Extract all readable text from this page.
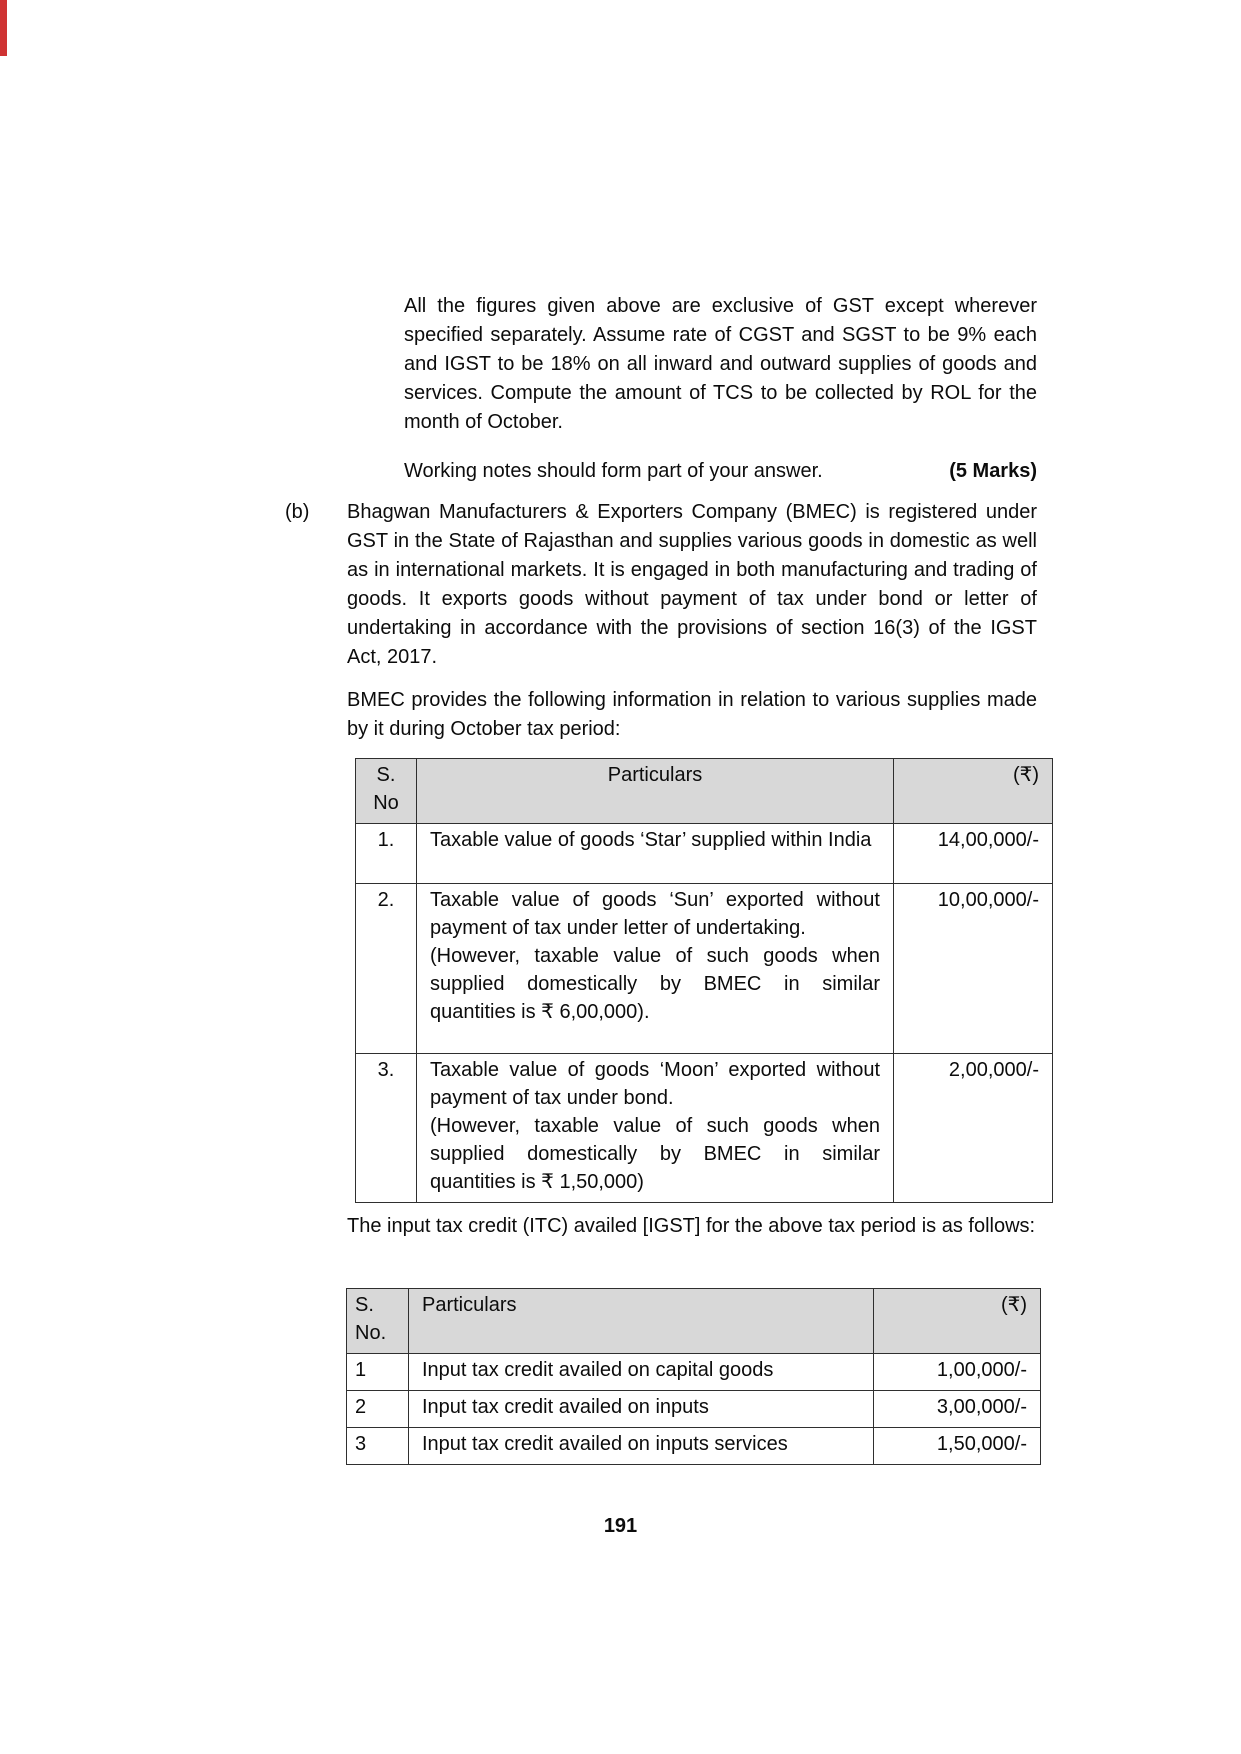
All the figures given above are exclusive of GST except wherever specified separately. Assume rate of CGST and SGST to be 9% each and IGST to be 18% on all inward and outward supplies of goods and services. Compute the amount of TCS to be collected by ROL for the month of October.
Working notes should form part of your answer.	(5 Marks)
(b)	Bhagwan Manufacturers & Exporters Company (BMEC) is registered under GST in the State of Rajasthan and supplies various goods in domestic as well as in international markets. It is engaged in both manufacturing and trading of goods. It exports goods without payment of tax under bond or letter of undertaking in accordance with the provisions of section 16(3) of the IGST Act, 2017.

BMEC provides the following information in relation to various supplies made by it during October tax period:

S.
No	Particulars	(₹)
1.	Taxable value of goods ‘Star’ supplied within India	14,00,000/-
2.	Taxable value of goods ‘Sun’ exported without payment of tax under letter of undertaking.
(However, taxable value of such goods when supplied domestically by BMEC in similar quantities is ₹ 6,00,000).	10,00,000/-
3.	Taxable value of goods ‘Moon’ exported without payment of tax under bond.
(However, taxable value of such goods when supplied domestically by BMEC in similar quantities is ₹ 1,50,000)	2,00,000/-
The input tax credit (ITC) availed [IGST] for the above tax period is as follows:
S.
No.	Particulars	(₹)
1	Input tax credit availed on capital goods	1,00,000/-
2	Input tax credit availed on inputs	3,00,000/-
3	Input tax credit availed on inputs services	1,50,000/-
191
